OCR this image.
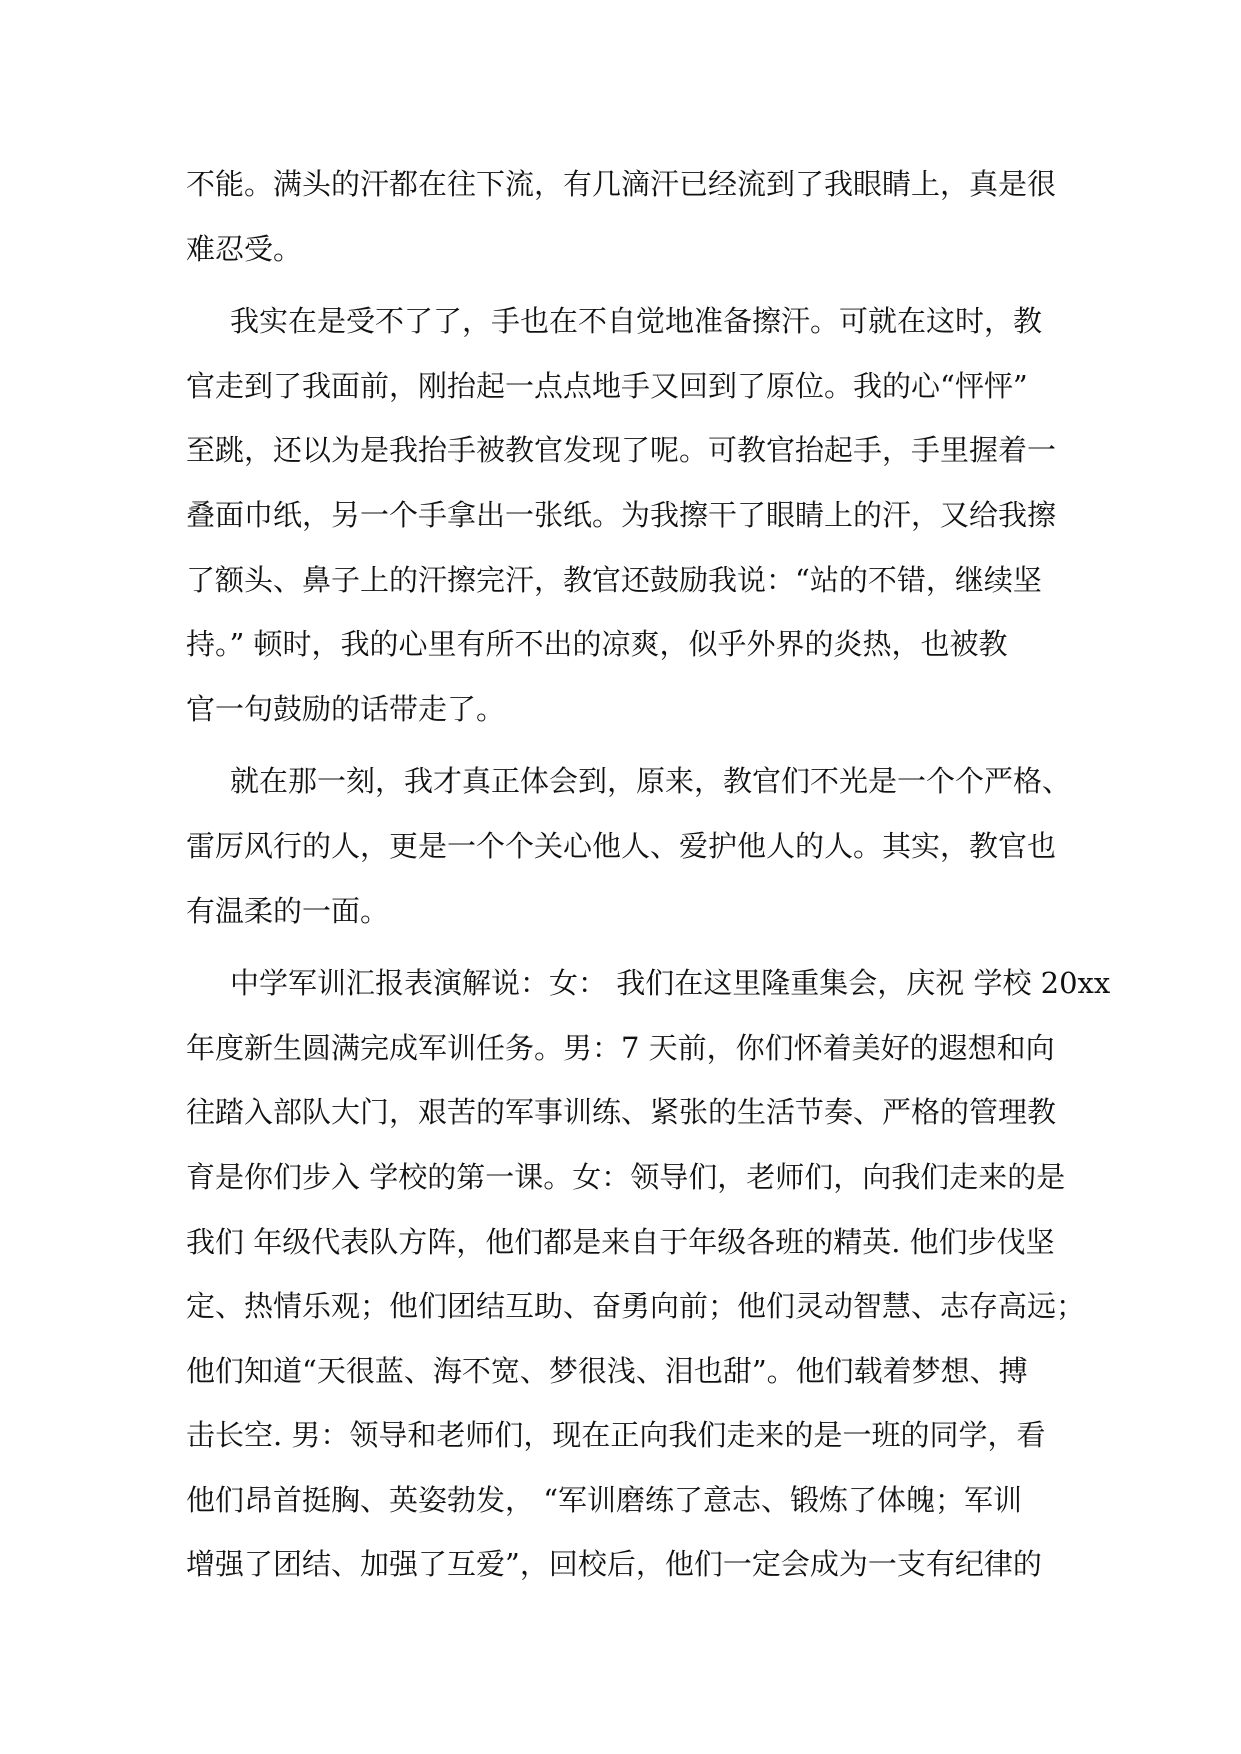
不能。满头的汗都在往下流，有几滴汗已经流到了我眼睛上，真是很
难忍受。
我实在是受不了了，手也在不自觉地准备擦汗。可就在这时，教
官走到了我面前，刚抬起一点点地手又回到了原位。我的心“怦怦”
至跳，还以为是我抬手被教官发现了呢。可教官抬起手，手里握着一
叠面巾纸，另一个手拿出一张纸。为我擦干了眼睛上的汗，又给我擦
了额头、鼻子上的汗擦完汗，教官还鼓励我说：“站的不错，继续坚
持。” 顿时，我的心里有所不出的凉爽，似乎外界的炎热，也被教
官一句鼓励的话带走了。
就在那一刻，我才真正体会到，原来，教官们不光是一个个严格、
雷厉风行的人，更是一个个关心他人、爱护他人的人。其实，教官也
有温柔的一面。
中学军训汇报表演解说：女： 我们在这里隆重集会，庆祝 学校 20xx
年度新生圆满完成军训任务。男：7 天前，你们怀着美好的遐想和向
往踏入部队大门，艰苦的军事训练、紧张的生活节奏、严格的管理教
育是你们步入 学校的第一课。女：领导们，老师们，向我们走来的是
我们 年级代表队方阵，他们都是来自于年级各班的精英. 他们步伐坚
定、热情乐观；他们团结互助、奋勇向前；他们灵动智慧、志存高远；
他们知道“天很蓝、海不宽、梦很浅、泪也甜”。他们载着梦想、搏
击长空. 男：领导和老师们，现在正向我们走来的是一班的同学，看
他们昂首挺胸、英姿勃发， “军训磨练了意志、锻炼了体魄；军训
增强了团结、加强了互爱”，回校后，他们一定会成为一支有纪律的
